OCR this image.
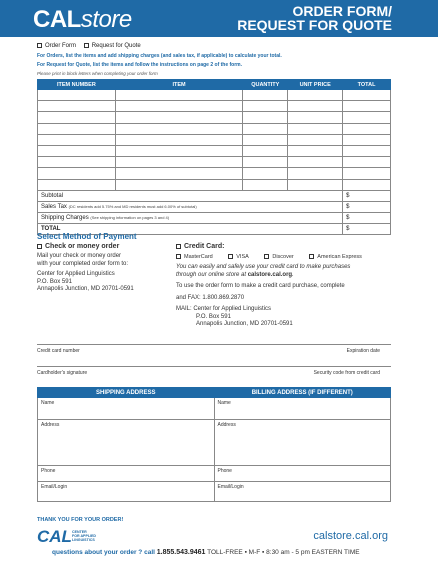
CALstore	ORDER FORM/
REQUEST FOR QUOTE
Order Form	Request for Quote
For Orders, list the items and add shipping charges (and sales tax, if applicable) to calculate your total.
For Request for Quote, list the items and follow the instructions on page 2 of the form.
Please print in block letters when completing your order form
ITEM NUMBER	ITEM	QUANTITY	UNIT PRICE	TOTAL

Subtotal				$
Sales Tax (DC residents add 5.75% and MD residents must add 6.00% of subtotal)				$
Shipping Charges (See shipping information on pages 3 and 4)				$
TOTAL				$
Select Method of Payment
Check or money order
Mail your check or money order
with your completed order form to:
Center for Applied Linguistics
P.O. Box 591
Annapolis Junction, MD 20701-0591
Credit Card:
MasterCard	VISA	Discover	American Express
You can easily and safely use your credit card to make purchases
through our online store at calstore.cal.org.
To use the order form to make a credit card purchase, complete
and FAX: 1.800.869.2870
MAIL: Center for Applied Linguistics
P.O. Box 591
Annapolis Junction, MD 20701-0591
Credit card number	Expiration date
Cardholder's signature	Security code from credit card
SHIPPING ADDRESS	BILLING ADDRESS (IF DIFFERENT)
Name	Name
Address	Address
Phone	Phone
Email/Login	Email/Login
THANK YOU FOR YOUR ORDER!
CAL CENTER
FOR APPLIED
LINGUISTICS	calstore.cal.org
questions about your order ? call 1.855.543.9461 TOLL-FREE ▪ M-F ▪ 8:30 am - 5 pm EASTERN TIME
